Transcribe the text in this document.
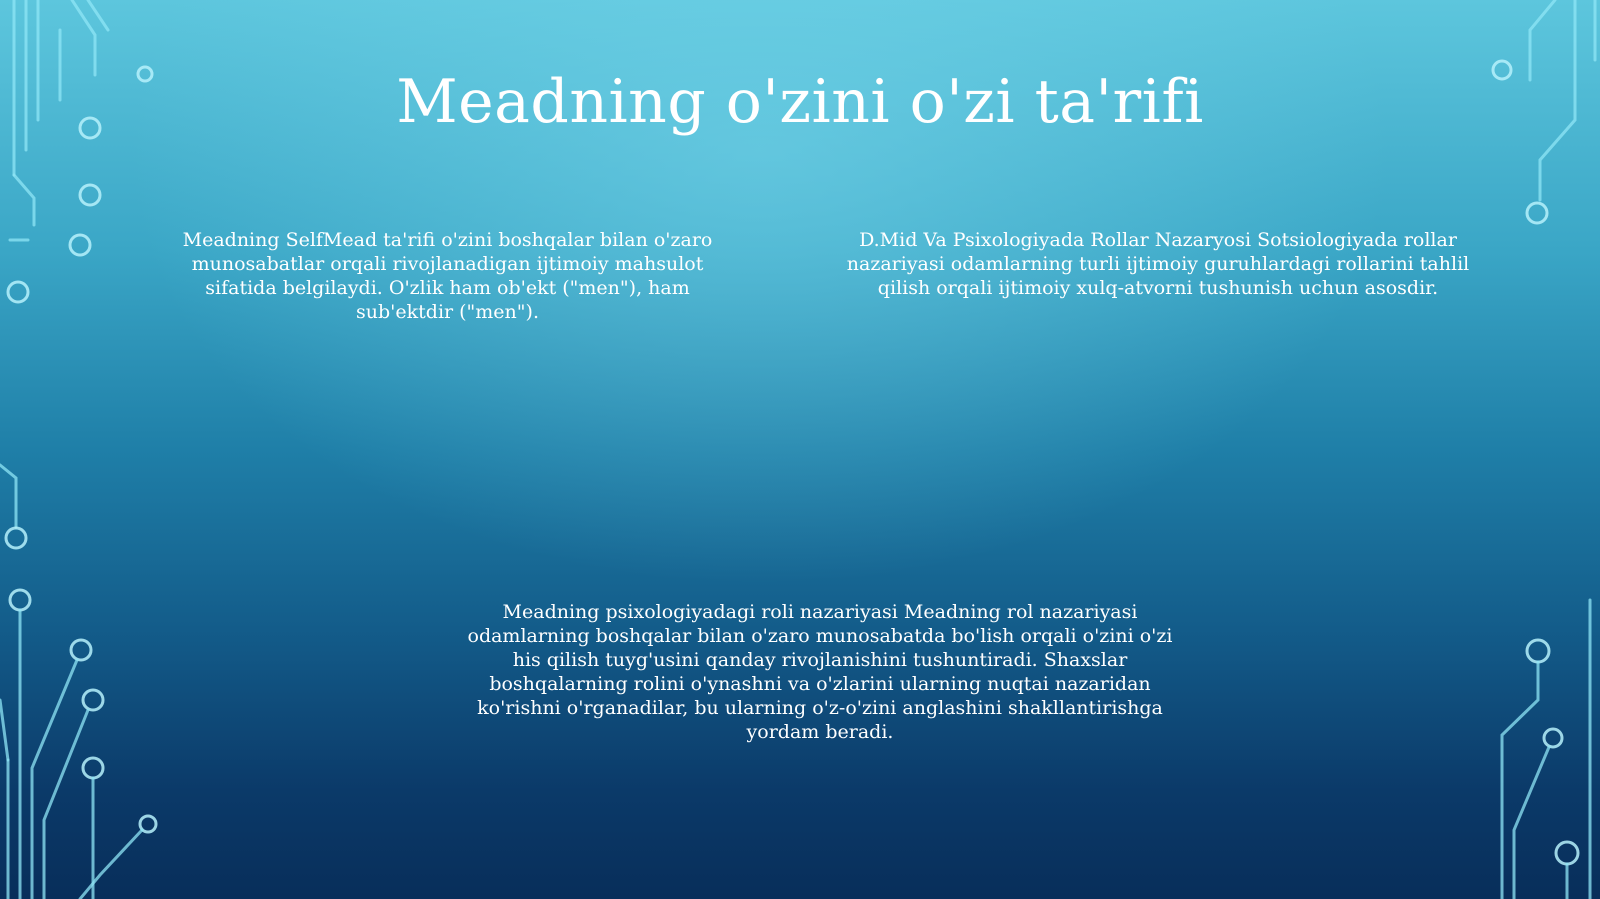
Meadning o'zini o'zi ta'rifi
Meadning SelfMead ta'rifi o'zini boshqalar bilan o'zaro munosabatlar orqali rivojlanadigan ijtimoiy mahsulot sifatida belgilaydi. O'zlik ham ob'ekt ("men"), ham sub'ektdir ("men").
D.Mid Va Psixologiyada Rollar Nazaryosi Sotsiologiyada rollar nazariyasi odamlarning turli ijtimoiy guruhlardagi rollarini tahlil qilish orqali ijtimoiy xulq-atvorni tushunish uchun asosdir.
Meadning psixologiyadagi roli nazariyasi Meadning rol nazariyasi odamlarning boshqalar bilan o'zaro munosabatda bo'lish orqali o'zini o'zi his qilish tuyg'usini qanday rivojlanishini tushuntiradi. Shaxslar boshqalarning rolini o'ynashni va o'zlarini ularning nuqtai nazaridan ko'rishni o'rganadilar, bu ularning o'z-o'zini anglashini shakllantirishga yordam beradi.
